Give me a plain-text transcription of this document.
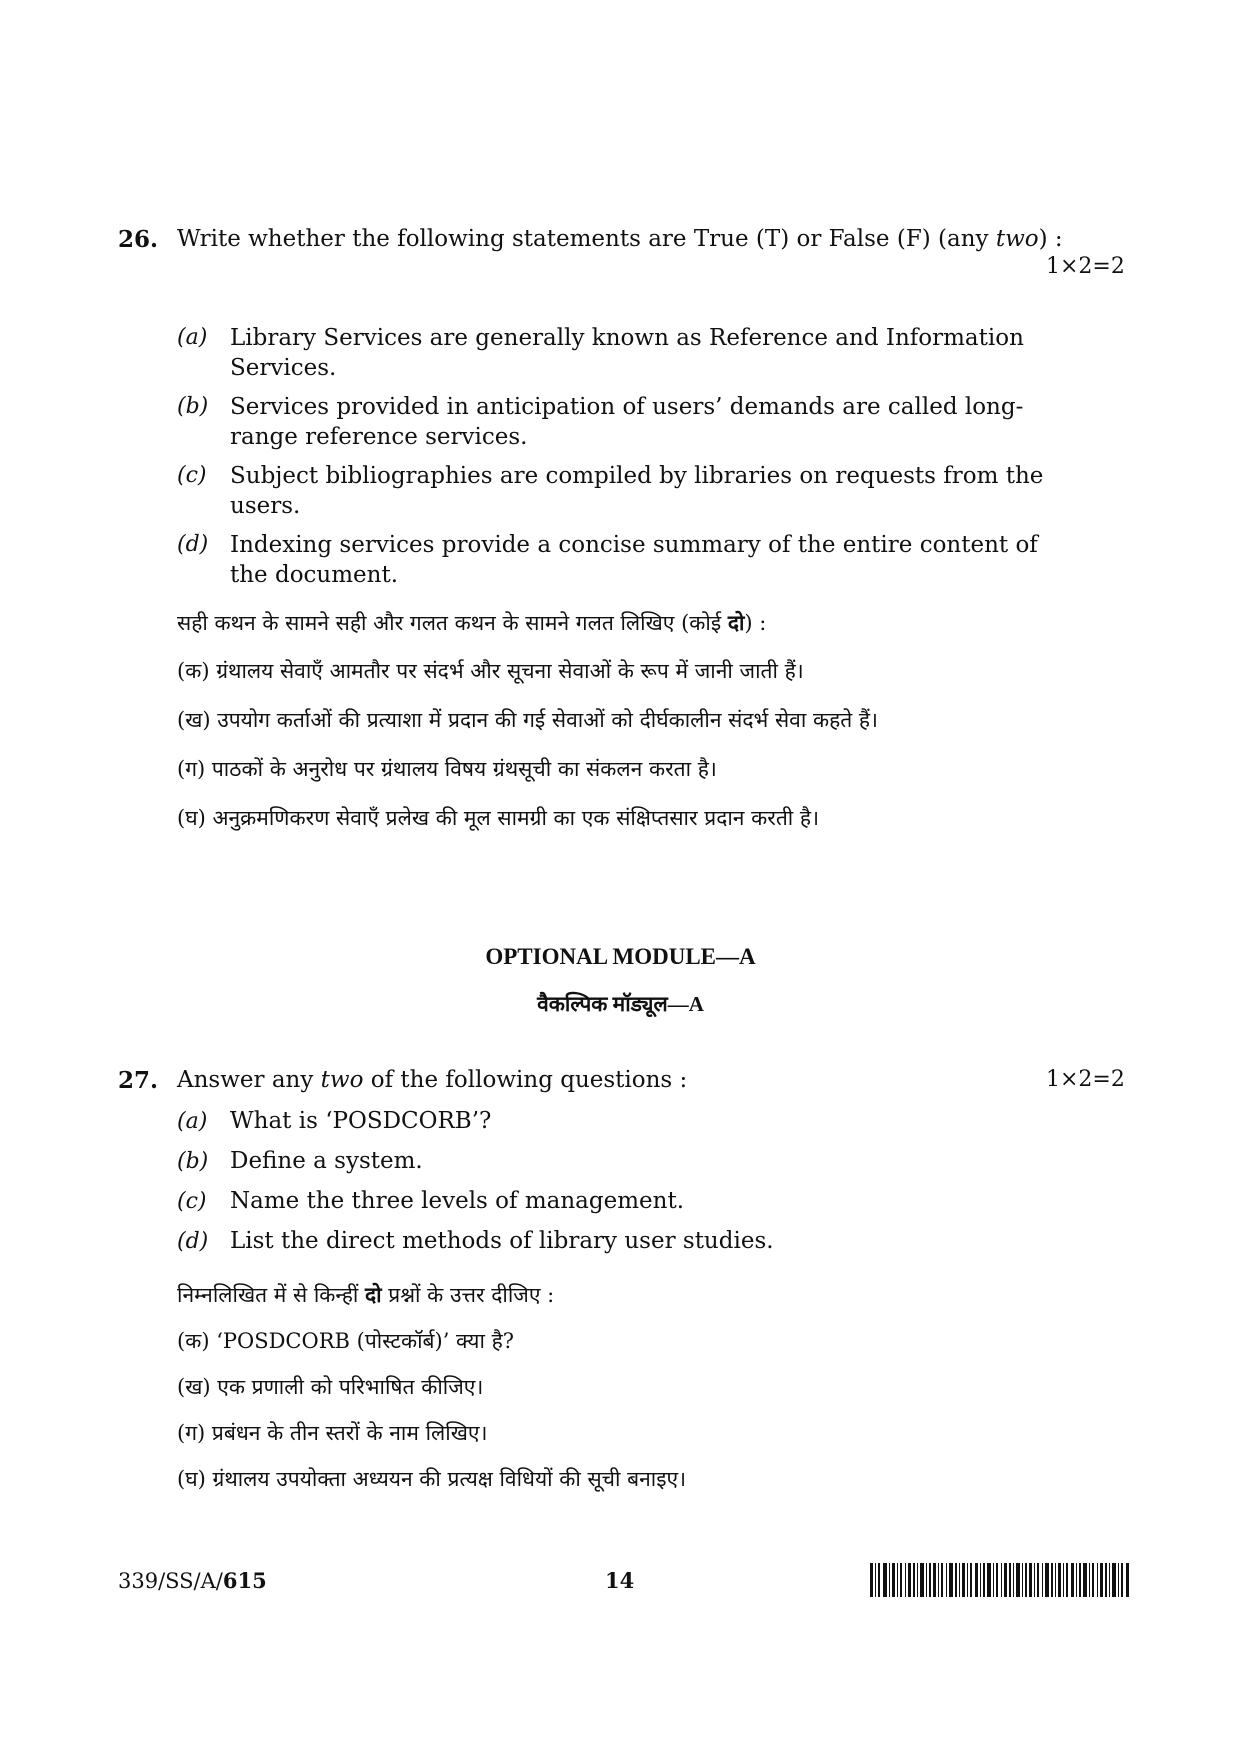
26. Write whether the following statements are True (T) or False (F) (any two) :
1×2=2
(a) Library Services are generally known as Reference and Information
Services.
(b) Services provided in anticipation of users’ demands are called long-
range reference services.
(c) Subject bibliographies are compiled by libraries on requests from the
users.
(d) Indexing services provide a concise summary of the entire content of
the document.
सही कथन के सामने सही और गलत कथन के सामने गलत लिखिए (कोई दो) :
(क) ग्रंथालय सेवाएँ आमतौर पर संदर्भ और सूचना सेवाओं के रूप में जानी जाती हैं।
(ख) उपयोग कर्ताओं की प्रत्याशा में प्रदान की गई सेवाओं को दीर्घकालीन संदर्भ सेवा कहते हैं।
(ग) पाठकों के अनुरोध पर ग्रंथालय विषय ग्रंथसूची का संकलन करता है।
(घ) अनुक्रमणिकरण सेवाएँ प्रलेख की मूल सामग्री का एक संक्षिप्तसार प्रदान करती है।
OPTIONAL MODULE—A
वैकल्पिक मॉड्यूल—A
27. Answer any two of the following questions :	1×2=2
(a) What is ‘POSDCORB’?
(b) Define a system.
(c) Name the three levels of management.
(d) List the direct methods of library user studies.
निम्नलिखित में से किन्हीं दो प्रश्नों के उत्तर दीजिए :
(क) ‘POSDCORB (पोस्टकॉर्ब)’ क्या है?
(ख) एक प्रणाली को परिभाषित कीजिए।
(ग) प्रबंधन के तीन स्तरों के नाम लिखिए।
(घ) ग्रंथालय उपयोक्ता अध्ययन की प्रत्यक्ष विधियों की सूची बनाइए।
339/SS/A/615	14
